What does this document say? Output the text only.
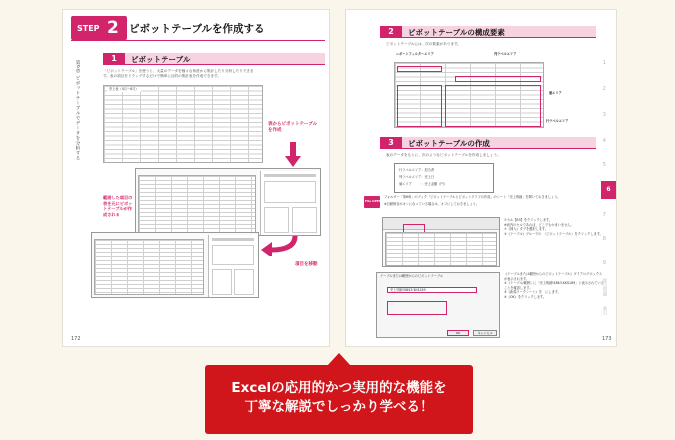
STEP 2 ピボットテーブルを作成する
第6章 ピボットテーブルでデータを分析する
1	ピボットテーブル
「ピボットテーブル」を使うと、大量のデータを様々な角度から集計したり分析したりできま
す。表の項目をドラッグするだけで簡単に目的の集計表を作成できます。
売上表（4月〜6月）
表からピボットテーブルを作成
範囲した項目の表を元にピボットテーブルが作成される
項目を移動
172
2	ピボットテーブルの構成要素
ピボットテーブルには、次の要素があります。
レポートフィルターエリア	列ラベルエリア
値エリア
行ラベルエリア
3	ピボットテーブルの作成
表のデータをもとに、次のようなピボットテーブルを作成しましょう。
行ラベルエリア：担当者
列ラベルエリア：売上日
値エリア　　　：売上金額（円）
File OPEN
フォルダー「第6章」のブック「ピボットテーブルとピボットグラフの作成」のシート「売上明細」を開いておきましょう。
※自動保存がオンになっている場合は、オフにしておきましょう。
①セル【B3】をクリックします。
※表内のセルであれば、どこでもかまいません。
②《挿入》タブを選択します。
③《テーブル》グループの　（ピボットテーブル）をクリックします。
《テーブルまたは範囲からのピボットテーブル》ダイアログボックスが表示されます。
④《テーブル/範囲》に「売上明細!$B$3:$K$189」と表示されていることを確認します。
⑤《新規ワークシート》を　にします。
⑥《OK》をクリックします。
テーブルまたは範囲からのピボットテーブル
売上明細!$B$3:$K$189
OK	キャンセル
173
1
2
3
4
5
6
7
8
9
総合問題
索引
Excelの応用的かつ実用的な機能を
丁寧な解説でしっかり学べる！
